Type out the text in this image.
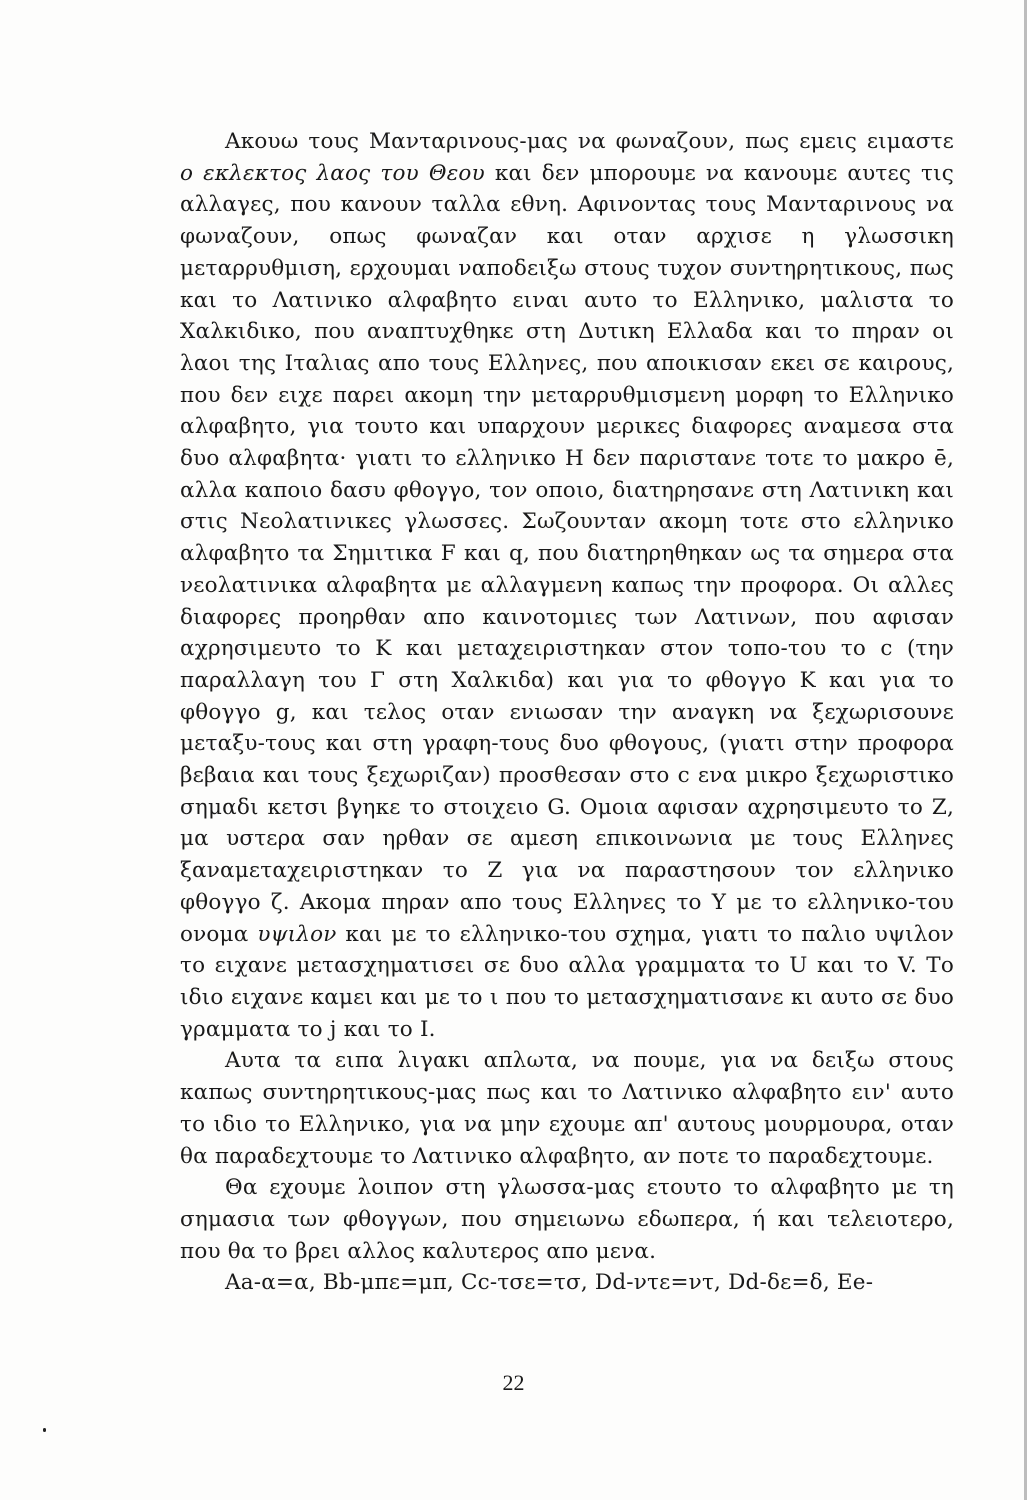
Ακουω τους Μανταρινους-μας να φωναζουν, πως εμεις ειμαστε ο εκλεκτος λαος του Θεου και δεν μπορουμε να κανουμε αυτες τις αλλαγες, που κανουν ταλλα εθνη. Αφινοντας τους Μανταρινους να φωναζουν, οπως φωναζαν και οταν αρχισε η γλωσσικη μεταρρυθμιση, ερχουμαι ναποδειξω στους τυχον συντηρητικους, πως και το Λατινικο αλφαβητο ειναι αυτο το Ελληνικο, μαλιστα το Χαλκιδικο, που αναπτυχθηκε στη Δυτικη Ελλαδα και το πηραν οι λαοι της Ιταλιας απο τους Ελληνες, που αποικισαν εκει σε καιρους, που δεν ειχε παρει ακομη την μεταρρυθμισμενη μορφη το Ελληνικο αλφαβητο, για τουτο και υπαρχουν μερικες διαφορες αναμεσα στα δυο αλφαβητα· γιατι το ελληνικο Η δεν παριστανε τοτε το μακρο ē, αλλα καποιο δασυ φθογγο, τον οποιο, διατηρησανε στη Λατινικη και στις Νεολατινικες γλωσσες. Σωζουνταν ακομη τοτε στο ελληνικο αλφαβητο τα Σημιτικα F και q, που διατηρηθηκαν ως τα σημερα στα νεολατινικα αλφαβητα με αλλαγμενη καπως την προφορα. Οι αλλες διαφορες προηρθαν απο καινοτομιες των Λατινων, που αφισαν αχρησιμευτο το Κ και μεταχειριστηκαν στον τοπο-του το c (την παραλλαγη του Γ στη Χαλκιδα) και για το φθογγο Κ και για το φθογγο g, και τελος οταν ενιωσαν την αναγκη να ξεχωρισουνε μεταξυ-τους και στη γραφη-τους δυο φθογους, (γιατι στην προφορα βεβαια και τους ξεχωριζαν) προσθεσαν στο c ενα μικρο ξεχωριστικο σημαδι κετσι βγηκε το στοιχειο G. Ομοια αφισαν αχρησιμευτο το Ζ, μα υστερα σαν ηρθαν σε αμεση επικοινωνια με τους Ελληνες ξαναμεταχειριστηκαν το Ζ για να παραστησουν τον ελληνικο φθογγο ζ. Ακομα πηραν απο τους Ελληνες το Υ με το ελληνικο-του ονομα υψιλον και με το ελληνικο-του σχημα, γιατι το παλιο υψιλον το ειχανε μετασχηματισει σε δυο αλλα γραμματα το U και το V. Το ιδιο ειχανε καμει και με το ι που το μετασχηματισανε κι αυτο σε δυο γραμματα το j και το I.

Αυτα τα ειπα λιγακι απλωτα, να πουμε, για να δειξω στους καπως συντηρητικους-μας πως και το Λατινικο αλφαβητο ειν' αυτο το ιδιο το Ελληνικο, για να μην εχουμε απ' αυτους μουρμουρα, οταν θα παραδεχτουμε το Λατινικο αλφαβητο, αν ποτε το παραδεχτουμε.

Θα εχουμε λοιπον στη γλωσσα-μας ετουτο το αλφαβητο με τη σημασια των φθογγων, που σημειωνω εδωπερα, ή και τελειοτερο, που θα το βρει αλλος καλυτερος απο μενα.

Aa-α=α, Bb-μπε=μπ, Cc-τσε=τσ, Dd-ντε=ντ, Dd-δε=δ, Ee-

22
